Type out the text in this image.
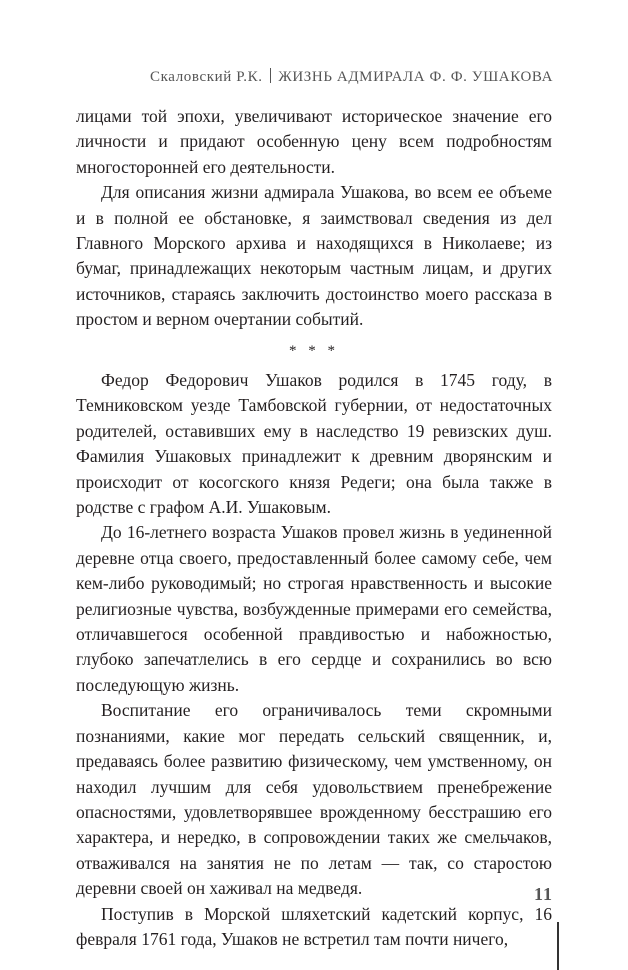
Скаловский Р.К. ЖИЗНЬ АДМИРАЛА Ф. Ф. УШАКОВА

лицами той эпохи, увеличивают историческое значение его личности и придают особенную цену всем подробностям многосторонней его деятельности.

Для описания жизни адмирала Ушакова, во всем ее объеме и в полной ее обстановке, я заимствовал сведения из дел Главного Морского архива и находящихся в Николаеве; из бумаг, принадлежащих некоторым частным лицам, и других источников, стараясь заключить достоинство моего рассказа в простом и верном очертании событий.

* * *

Федор Федорович Ушаков родился в 1745 году, в Темниковском уезде Тамбовской губернии, от недостаточных родителей, оставивших ему в наследство 19 ревизских душ. Фамилия Ушаковых принадлежит к древним дворянским и происходит от косогского князя Редеги; она была также в родстве с графом А.И. Ушаковым.

До 16-летнего возраста Ушаков провел жизнь в уединенной деревне отца своего, предоставленный более самому себе, чем кем-либо руководимый; но строгая нравственность и высокие религиозные чувства, возбужденные примерами его семейства, отличавшегося особенной правдивостью и набожностью, глубоко запечатлелись в его сердце и сохранились во всю последующую жизнь.

Воспитание его ограничивалось теми скромными познаниями, какие мог передать сельский священник, и, предаваясь более развитию физическому, чем умственному, он находил лучшим для себя удовольствием пренебрежение опасностями, удовлетворявшее врожденному бесстрашию его характера, и нередко, в сопровождении таких же смельчаков, отваживался на занятия не по летам — так, со старостою деревни своей он хаживал на медведя.

Поступив в Морской шляхетский кадетский корпус, 16 февраля 1761 года, Ушаков не встретил там почти ничего,

11
